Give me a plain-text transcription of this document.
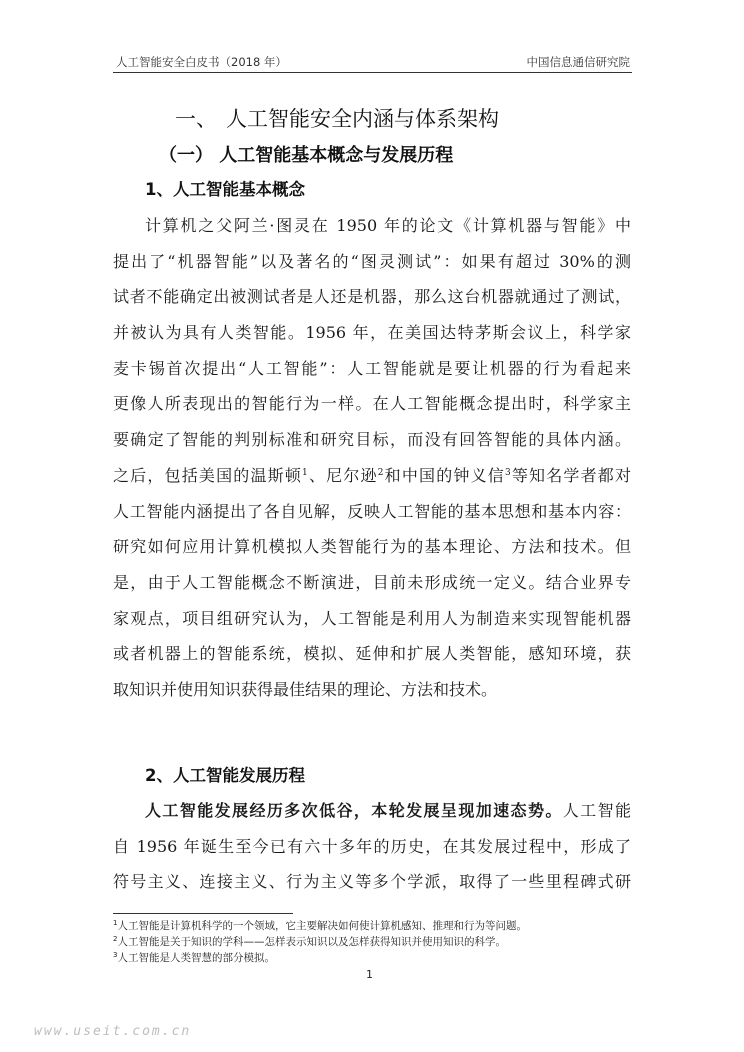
人工智能安全白皮书（2018 年）	中国信息通信研究院
一、 人工智能安全内涵与体系架构
（一） 人工智能基本概念与发展历程
1、人工智能基本概念
计算机之父阿兰·图灵在 1950 年的论文《计算机器与智能》中
提出了“机器智能”以及著名的“图灵测试”：如果有超过 30%的测
试者不能确定出被测试者是人还是机器，那么这台机器就通过了测试，
并被认为具有人类智能。1956 年，在美国达特茅斯会议上，科学家
麦卡锡首次提出“人工智能”：人工智能就是要让机器的行为看起来
更像人所表现出的智能行为一样。在人工智能概念提出时，科学家主
要确定了智能的判别标准和研究目标，而没有回答智能的具体内涵。
之后，包括美国的温斯顿$^1$、尼尔逊$^2$和中国的钟义信$^3$等知名学者都对
人工智能内涵提出了各自见解，反映人工智能的基本思想和基本内容：
研究如何应用计算机模拟人类智能行为的基本理论、方法和技术。但
是，由于人工智能概念不断演进，目前未形成统一定义。结合业界专
家观点，项目组研究认为，人工智能是利用人为制造来实现智能机器
或者机器上的智能系统，模拟、延伸和扩展人类智能，感知环境，获
取知识并使用知识获得最佳结果的理论、方法和技术。
2、人工智能发展历程
人工智能发展经历多次低谷，本轮发展呈现加速态势。人工智能
自 1956 年诞生至今已有六十多年的历史，在其发展过程中，形成了
符号主义、连接主义、行为主义等多个学派，取得了一些里程碑式研
$^1$人工智能是计算机科学的一个领域，它主要解决如何使计算机感知、推理和行为等问题。
$^2$人工智能是关于知识的学科——怎样表示知识以及怎样获得知识并使用知识的科学。
$^3$人工智能是人类智慧的部分模拟。
1
www.useit.com.cn
